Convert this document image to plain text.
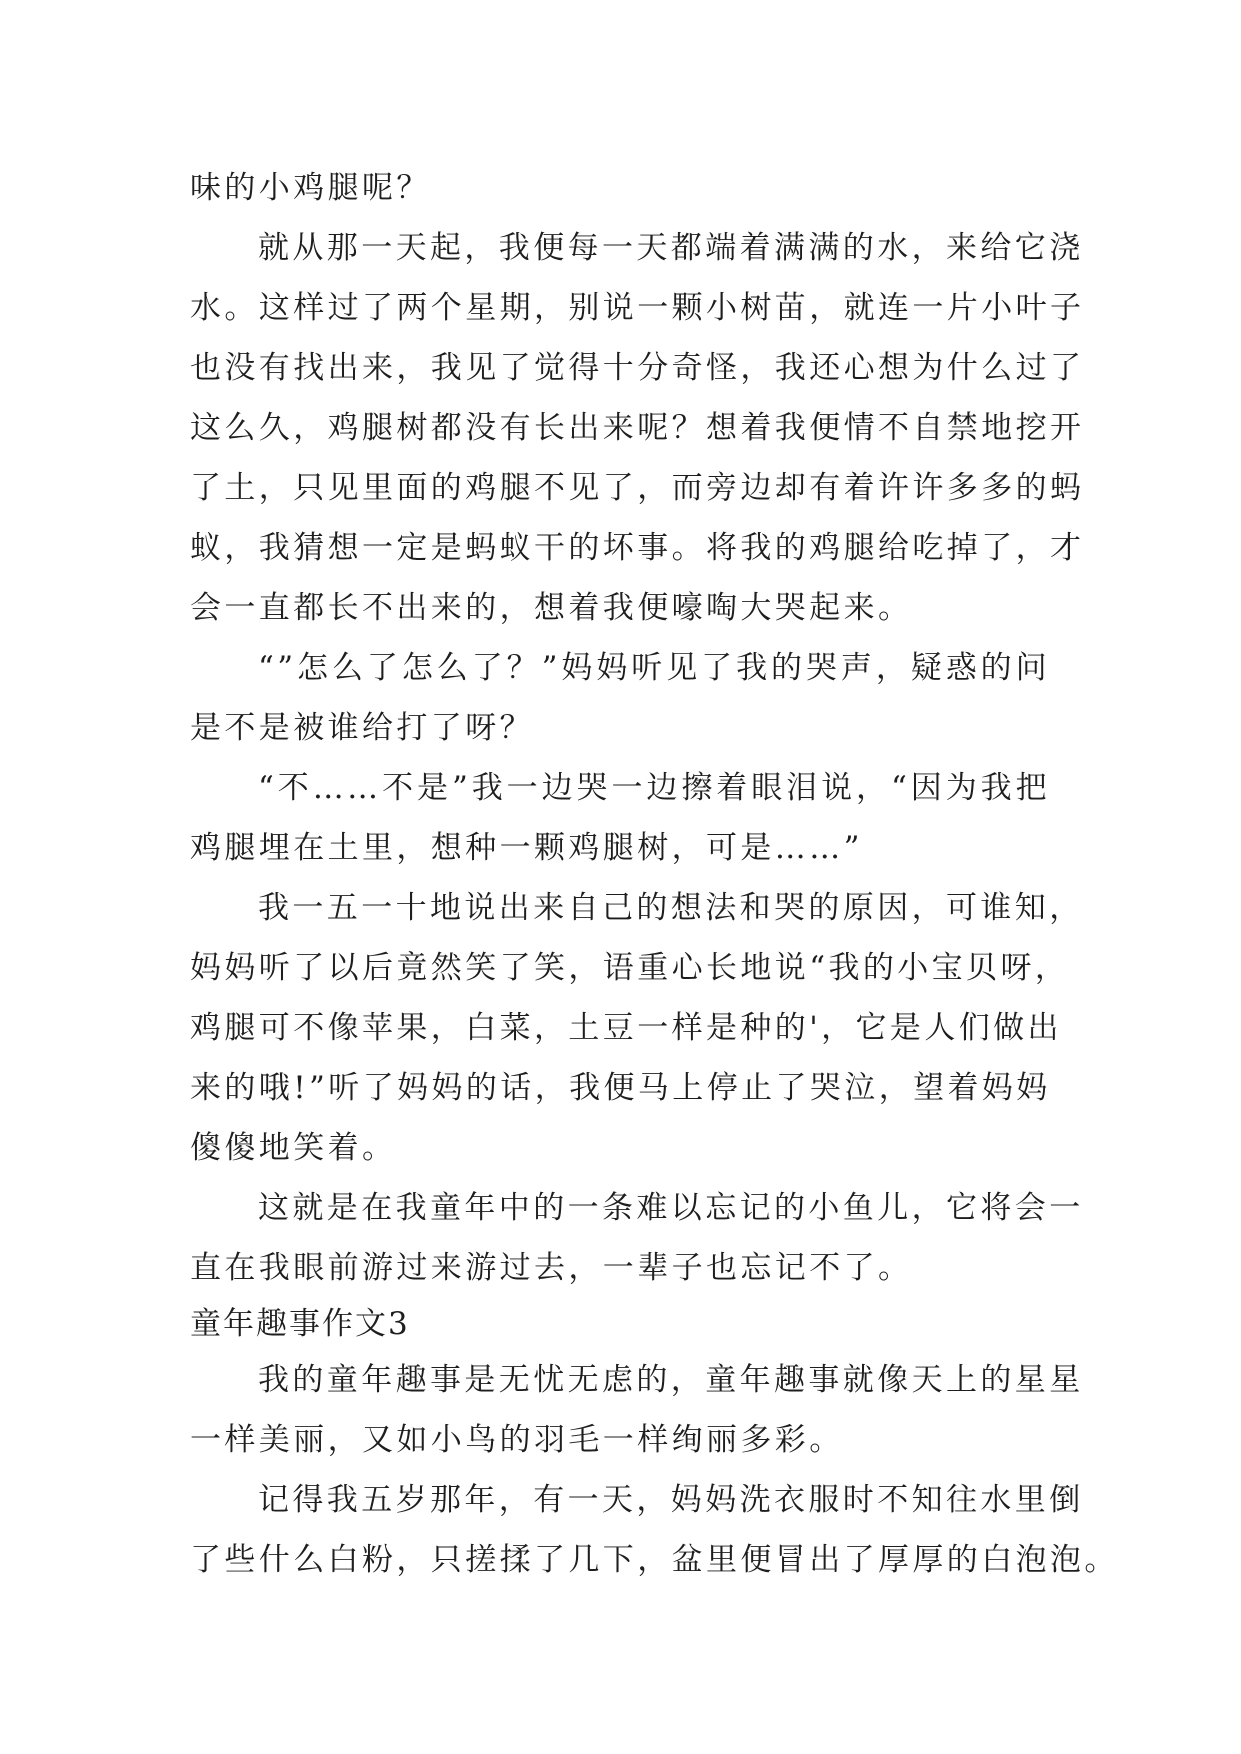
味的小鸡腿呢？
就从那一天起，我便每一天都端着满满的水，来给它浇
水。这样过了两个星期，别说一颗小树苗，就连一片小叶子
也没有找出来，我见了觉得十分奇怪，我还心想为什么过了
这么久，鸡腿树都没有长出来呢？想着我便情不自禁地挖开
了土，只见里面的鸡腿不见了，而旁边却有着许许多多的蚂
蚁，我猜想一定是蚂蚁干的坏事。将我的鸡腿给吃掉了，才
会一直都长不出来的，想着我便嚎啕大哭起来。
“”怎么了怎么了？”妈妈听见了我的哭声，疑惑的问
是不是被谁给打了呀？
“不……不是”我一边哭一边擦着眼泪说，“因为我把
鸡腿埋在土里，想种一颗鸡腿树，可是……”
我一五一十地说出来自己的想法和哭的原因，可谁知，
妈妈听了以后竟然笑了笑，语重心长地说“我的小宝贝呀，
鸡腿可不像苹果，白菜，土豆一样是种的'，它是人们做出
来的哦!”听了妈妈的话，我便马上停止了哭泣，望着妈妈
傻傻地笑着。
这就是在我童年中的一条难以忘记的小鱼儿，它将会一
直在我眼前游过来游过去，一辈子也忘记不了。
童年趣事作文3
我的童年趣事是无忧无虑的，童年趣事就像天上的星星
一样美丽，又如小鸟的羽毛一样绚丽多彩。
记得我五岁那年，有一天，妈妈洗衣服时不知往水里倒
了些什么白粉，只搓揉了几下，盆里便冒出了厚厚的白泡泡。
